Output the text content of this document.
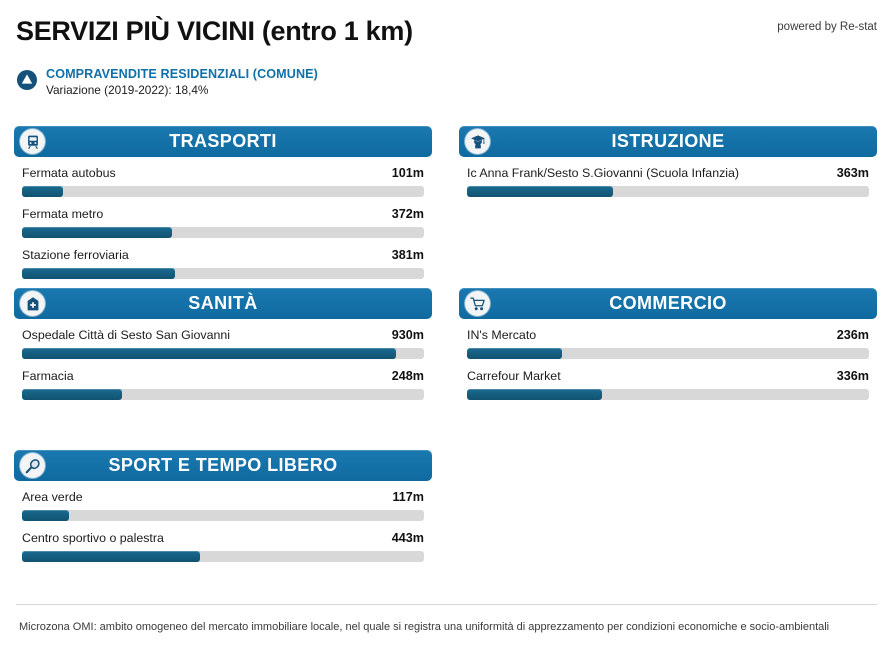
SERVIZI PIÙ VICINI (entro 1 km)	powered by Re-stat
COMPRAVENDITE RESIDENZIALI (COMUNE)
Variazione (2019-2022): 18,4%
TRASPORTI
Fermata autobus	101m
Fermata metro	372m
Stazione ferroviaria	381m
ISTRUZIONE
Ic Anna Frank/Sesto S.Giovanni (Scuola Infanzia)	363m
SANITÀ
Ospedale Città di Sesto San Giovanni	930m
Farmacia	248m
COMMERCIO
IN's Mercato	236m
Carrefour Market	336m
SPORT E TEMPO LIBERO
Area verde	117m
Centro sportivo o palestra	443m
Microzona OMI: ambito omogeneo del mercato immobiliare locale, nel quale si registra una uniformità di apprezzamento per condizioni economiche e socio-ambientali
